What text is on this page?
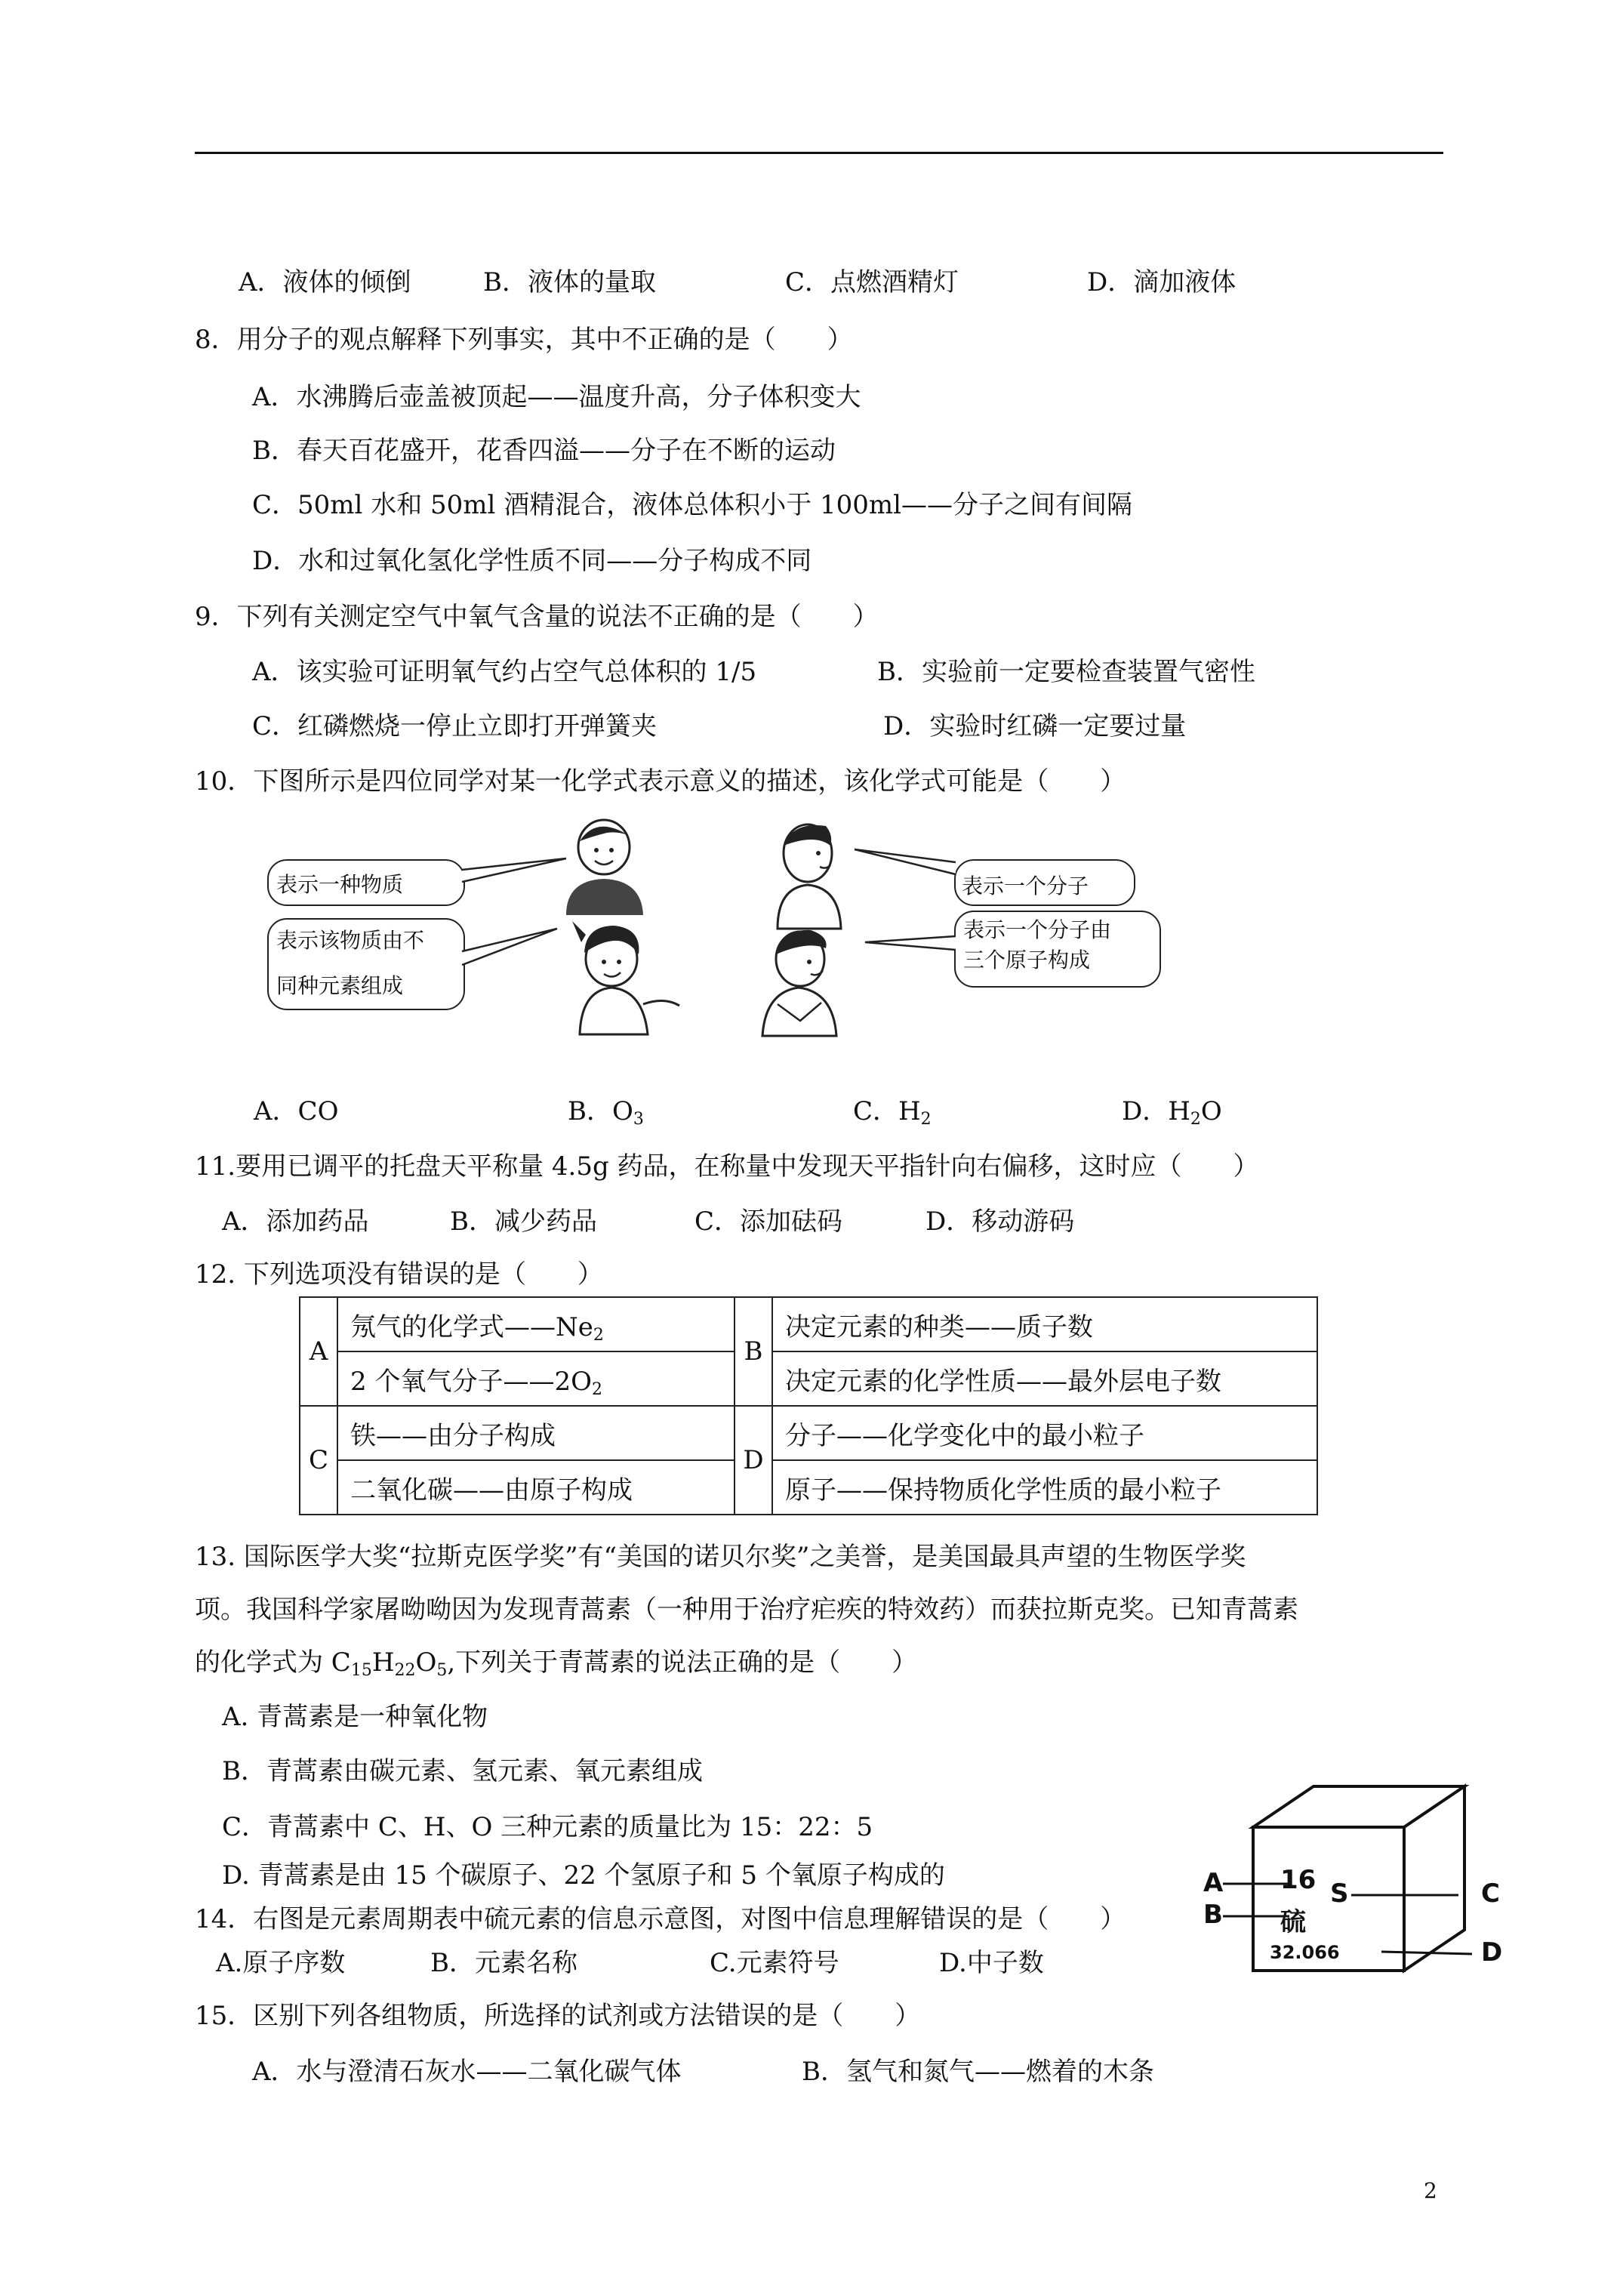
A．液体的倾倒	B．液体的量取	C．点燃酒精灯	D．滴加液体
8．用分子的观点解释下列事实，其中不正确的是（　　）
A．水沸腾后壶盖被顶起——温度升高，分子体积变大
B．春天百花盛开，花香四溢——分子在不断的运动
C．50ml 水和 50ml 酒精混合，液体总体积小于 100ml——分子之间有间隔
D．水和过氧化氢化学性质不同——分子构成不同
9．下列有关测定空气中氧气含量的说法不正确的是（　　）
A．该实验可证明氧气约占空气总体积的 1/5	B．实验前一定要检查装置气密性
C．红磷燃烧一停止立即打开弹簧夹	D．实验时红磷一定要过量
10．下图所示是四位同学对某一化学式表示意义的描述，该化学式可能是（　　）
表示一种物质
表示该物质由不
同种元素组成
表示一个分子
表示一个分子由
三个原子构成
A．CO	B．$O_3$	C．$H_2$	D．$H_2O$
11.要用已调平的托盘天平称量 4.5g 药品，在称量中发现天平指针向右偏移，这时应（　　）
A．添加药品	B．减少药品	C．添加砝码	D．移动游码
12. 下列选项没有错误的是（　　）
A	氖气的化学式$——Ne_2$	B	决定元素的种类——质子数
	2 个氧气分子$——2O_2$		决定元素的化学性质——最外层电子数
C	铁——由分子构成	D	分子——化学变化中的最小粒子
	二氧化碳——由原子构成		原子——保持物质化学性质的最小粒子
13. 国际医学大奖“拉斯克医学奖”有“美国的诺贝尔奖”之美誉，是美国最具声望的生物医学奖
项。我国科学家屠呦呦因为发现青蒿素（一种用于治疗疟疾的特效药）而获拉斯克奖。已知青蒿素
的化学式为 $C_{15}H_{22}O_5$,下列关于青蒿素的说法正确的是（　　）
A. 青蒿素是一种氧化物
B．青蒿素由碳元素、氢元素、氧元素组成
C．青蒿素中 C、H、O 三种元素的质量比为 15：22：5
D. 青蒿素是由 15 个碳原子、22 个氢原子和 5 个氧原子构成的
14．右图是元素周期表中硫元素的信息示意图，对图中信息理解错误的是（　　）
A.原子序数	B．元素名称	C.元素符号	D.中子数
16 S
硫
32.066
A
B
C
D
15．区别下列各组物质，所选择的试剂或方法错误的是（　　）
A．水与澄清石灰水——二氧化碳气体	B．氢气和氮气——燃着的木条
2
